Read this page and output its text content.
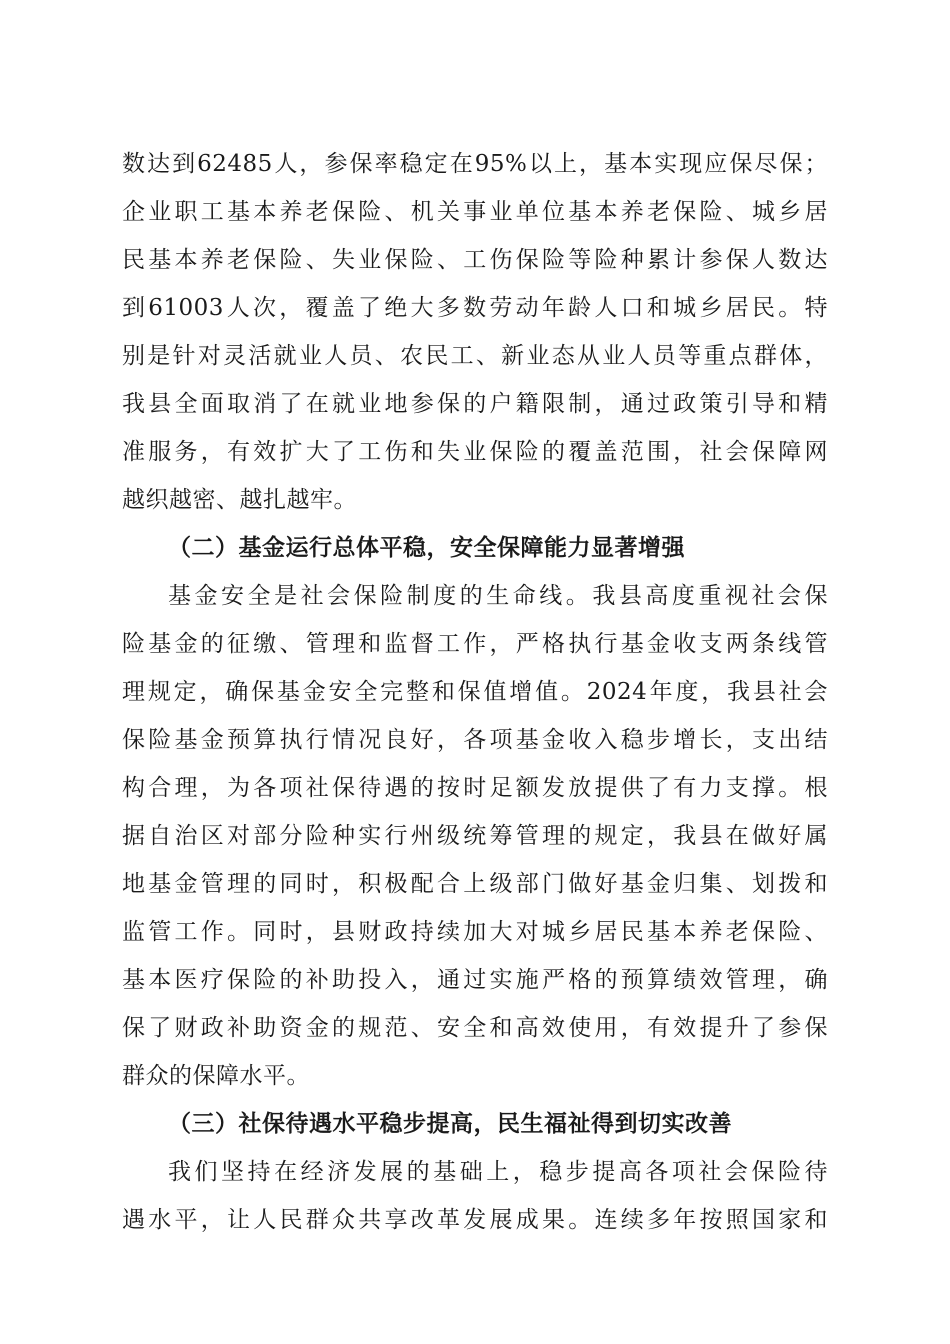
数达到62485人，参保率稳定在95%以上，基本实现应保尽保；
企业职工基本养老保险、机关事业单位基本养老保险、城乡居
民基本养老保险、失业保险、工伤保险等险种累计参保人数达
到61003人次，覆盖了绝大多数劳动年龄人口和城乡居民。特
别是针对灵活就业人员、农民工、新业态从业人员等重点群体，
我县全面取消了在就业地参保的户籍限制，通过政策引导和精
准服务，有效扩大了工伤和失业保险的覆盖范围，社会保障网
越织越密、越扎越牢。
（二）基金运行总体平稳，安全保障能力显著增强
基金安全是社会保险制度的生命线。我县高度重视社会保
险基金的征缴、管理和监督工作，严格执行基金收支两条线管
理规定，确保基金安全完整和保值增值。2024年度，我县社会
保险基金预算执行情况良好，各项基金收入稳步增长，支出结
构合理，为各项社保待遇的按时足额发放提供了有力支撑。根
据自治区对部分险种实行州级统筹管理的规定，我县在做好属
地基金管理的同时，积极配合上级部门做好基金归集、划拨和
监管工作。同时，县财政持续加大对城乡居民基本养老保险、
基本医疗保险的补助投入，通过实施严格的预算绩效管理，确
保了财政补助资金的规范、安全和高效使用，有效提升了参保
群众的保障水平。
（三）社保待遇水平稳步提高，民生福祉得到切实改善
我们坚持在经济发展的基础上，稳步提高各项社会保险待
遇水平，让人民群众共享改革发展成果。连续多年按照国家和
